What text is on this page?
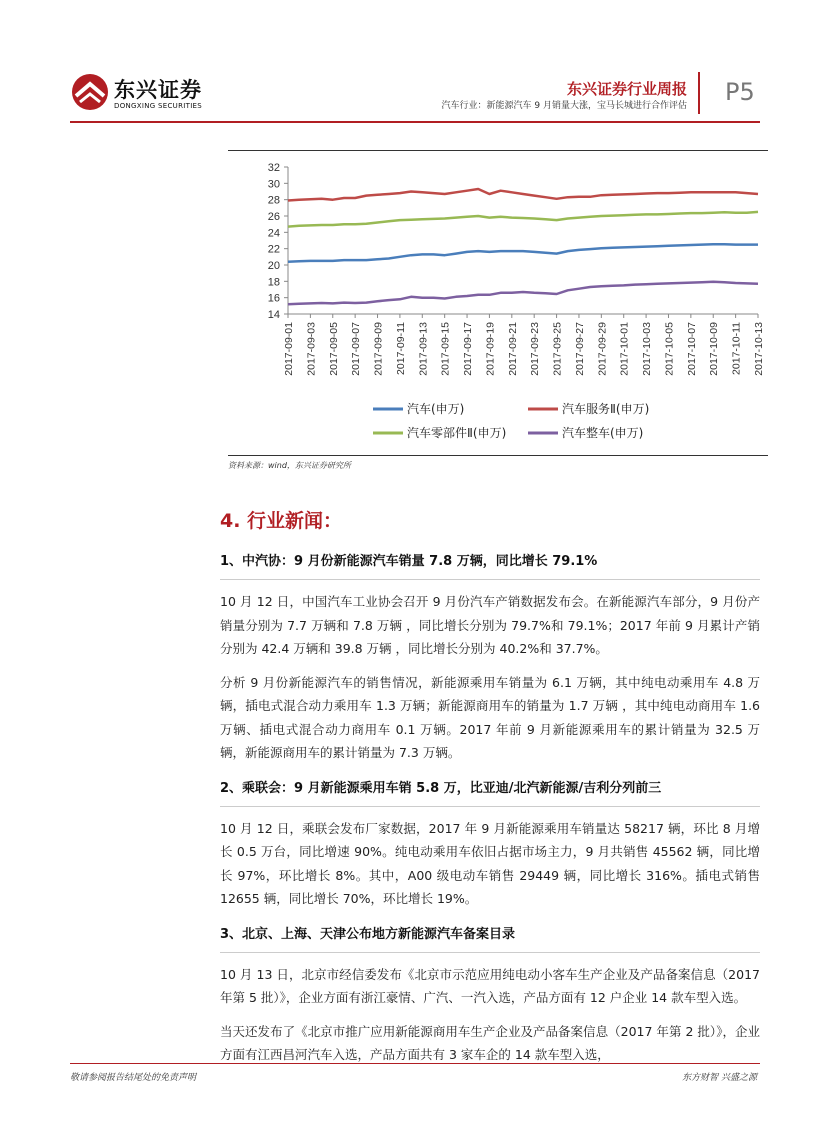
东兴证券
DONGXING SECURITIES
东兴证券行业周报
汽车行业：新能源汽车 9 月销量大涨，宝马长城进行合作评估 P5
32
30
28
26
24
22
20
18
16
14
2017-09-01 2017-09-03 2017-09-05 2017-09-07 2017-09-09 2017-09-11 2017-09-13 2017-09-15 2017-09-17 2017-09-19 2017-09-21 2017-09-23 2017-09-25 2017-09-27 2017-09-29 2017-10-01 2017-10-03 2017-10-05 2017-10-07 2017-10-09 2017-10-11 2017-10-13
汽车(申万)	汽车服务Ⅱ(申万)
汽车零部件Ⅱ(申万)	汽车整车(申万)
资料来源：wind，东兴证券研究所
4. 行业新闻：
1、中汽协：9 月份新能源汽车销量 7.8 万辆，同比增长 79.1%

10 月 12 日，中国汽车工业协会召开 9 月份汽车产销数据发布会。在新能源汽车部分，9 月份产销量分别为 7.7 万辆和 7.8 万辆 ，同比增长分别为 79.7%和 79.1%；2017 年前 9 月累计产销分别为 42.4 万辆和 39.8 万辆 ，同比增长分别为 40.2%和 37.7%。

分析 9 月份新能源汽车的销售情况，新能源乘用车销量为 6.1 万辆，其中纯电动乘用车 4.8 万辆，插电式混合动力乘用车 1.3 万辆；新能源商用车的销量为 1.7 万辆 ，其中纯电动商用车 1.6 万辆、插电式混合动力商用车 0.1 万辆。2017 年前 9 月新能源乘用车的累计销量为 32.5 万辆，新能源商用车的累计销量为 7.3 万辆。

2、乘联会：9 月新能源乘用车销 5.8 万，比亚迪/北汽新能源/吉利分列前三

10 月 12 日，乘联会发布厂家数据，2017 年 9 月新能源乘用车销量达 58217 辆，环比 8 月增长 0.5 万台，同比增速 90%。纯电动乘用车依旧占据市场主力，9 月共销售 45562 辆，同比增长 97%，环比增长 8%。其中，A00 级电动车销售 29449 辆，同比增长 316%。插电式销售 12655 辆，同比增长 70%，环比增长 19%。

3、北京、上海、天津公布地方新能源汽车备案目录

10 月 13 日，北京市经信委发布《北京市示范应用纯电动小客车生产企业及产品备案信息（2017 年第 5 批）》，企业方面有浙江豪情、广汽、一汽入选，产品方面有 12 户企业 14 款车型入选。

当天还发布了《北京市推广应用新能源商用车生产企业及产品备案信息（2017 年第 2 批）》，企业方面有江西昌河汽车入选，产品方面共有 3 家车企的 14 款车型入选，

敬请参阅报告结尾处的免责声明	东方财智 兴盛之源
